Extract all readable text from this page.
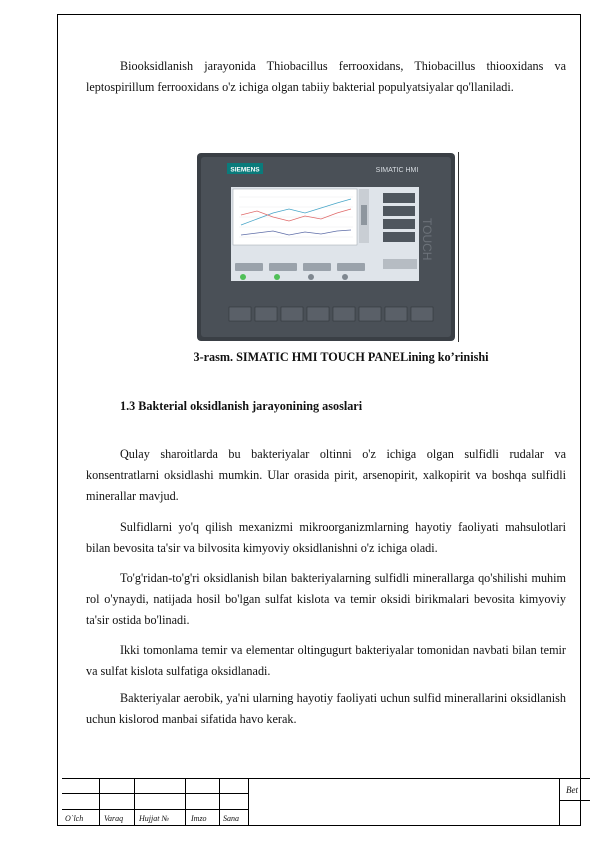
Biooksidlanish jarayonida Thiobacillus ferrooxidans, Thiobacillus thiooxidans va leptospirillum ferrooxidans o'z ichiga olgan tabiiy bakterial populyatsiyalar qo'llaniladi.

SIEMENS	SIMATIC HMI
TOUCH
3-rasm. SIMATIC HMI TOUCH PANELining ko’rinishi
1.3 Bakterial oksidlanish jarayonining asoslari

Qulay sharoitlarda bu bakteriyalar oltinni o'z ichiga olgan sulfidli rudalar va konsentratlarni oksidlashi mumkin. Ular orasida pirit, arsenopirit, xalkopirit va boshqa sulfidli minerallar mavjud.

Sulfidlarni yo'q qilish mexanizmi mikroorganizmlarning hayotiy faoliyati mahsulotlari bilan bevosita ta'sir va bilvosita kimyoviy oksidlanishni o'z ichiga oladi.

To'g'ridan-to'g'ri oksidlanish bilan bakteriyalarning sulfidli minerallarga qo'shilishi muhim rol o'ynaydi, natijada hosil bo'lgan sulfat kislota va temir oksidi birikmalari bevosita kimyoviy ta'sir ostida bo'linadi.

Ikki tomonlama temir va elementar oltingugurt bakteriyalar tomonidan navbati bilan temir va sulfat kislota sulfatiga oksidlanadi.

Bakteriyalar aerobik, ya'ni ularning hayotiy faoliyati uchun sulfid minerallarini oksidlanish uchun kislorod manbai sifatida havo kerak.

O`lch	Varaq Hujjat №	Imzo Sana
Bet
